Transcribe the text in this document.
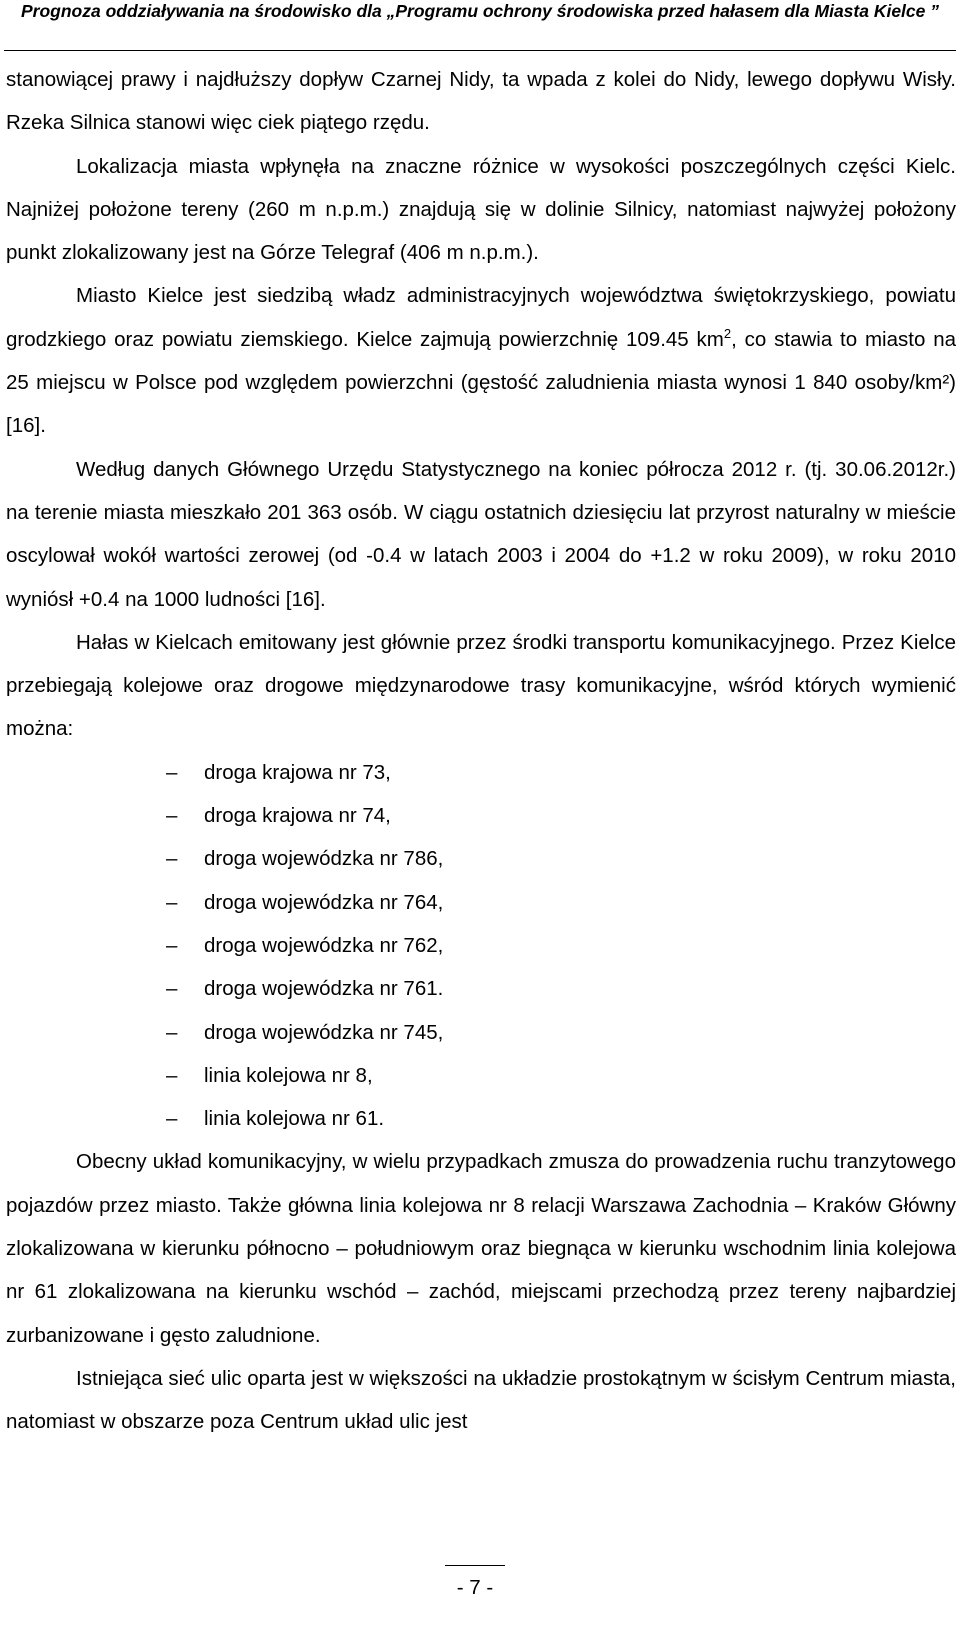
Prognoza oddziaływania na środowisko dla „Programu ochrony środowiska przed hałasem dla Miasta Kielce ”

stanowiącej prawy i najdłuższy dopływ Czarnej Nidy, ta wpada z kolei do Nidy, lewego dopływu Wisły. Rzeka Silnica stanowi więc ciek piątego rzędu.

Lokalizacja miasta wpłynęła na znaczne różnice w wysokości poszczególnych części Kielc. Najniżej położone tereny (260 m n.p.m.) znajdują się w dolinie Silnicy, natomiast najwyżej położony punkt zlokalizowany jest na Górze Telegraf (406 m n.p.m.).

Miasto Kielce jest siedzibą władz administracyjnych województwa świętokrzyskiego, powiatu grodzkiego oraz powiatu ziemskiego. Kielce zajmują powierzchnię 109.45 $km^2$, co stawia to miasto na 25 miejscu w Polsce pod względem powierzchni (gęstość zaludnienia miasta wynosi 1 840 osoby/km²) [16].

Według danych Głównego Urzędu Statystycznego na koniec półrocza 2012 r. (tj. 30.06.2012r.) na terenie miasta mieszkało 201 363 osób. W ciągu ostatnich dziesięciu lat przyrost naturalny w mieście oscylował wokół wartości zerowej (od -0.4 w latach 2003 i 2004 do +1.2 w roku 2009), w roku 2010 wyniósł +0.4 na 1000 ludności [16].

Hałas w Kielcach emitowany jest głównie przez środki transportu komunikacyjnego. Przez Kielce przebiegają kolejowe oraz drogowe międzynarodowe trasy komunikacyjne, wśród których wymienić można:

– droga krajowa nr 73,
– droga krajowa nr 74,
– droga wojewódzka nr 786,
– droga wojewódzka nr 764,
– droga wojewódzka nr 762,
– droga wojewódzka nr 761.
– droga wojewódzka nr 745,
– linia kolejowa nr 8,
– linia kolejowa nr 61.

Obecny układ komunikacyjny, w wielu przypadkach zmusza do prowadzenia ruchu tranzytowego pojazdów przez miasto. Także główna linia kolejowa nr 8 relacji Warszawa Zachodnia – Kraków Główny zlokalizowana w kierunku północno – południowym oraz biegnąca w kierunku wschodnim linia kolejowa nr 61 zlokalizowana na kierunku wschód – zachód, miejscami przechodzą przez tereny najbardziej zurbanizowane i gęsto zaludnione.

Istniejąca sieć ulic oparta jest w większości na układzie prostokątnym w ścisłym Centrum miasta, natomiast w obszarze poza Centrum układ ulic jest

- 7 -
